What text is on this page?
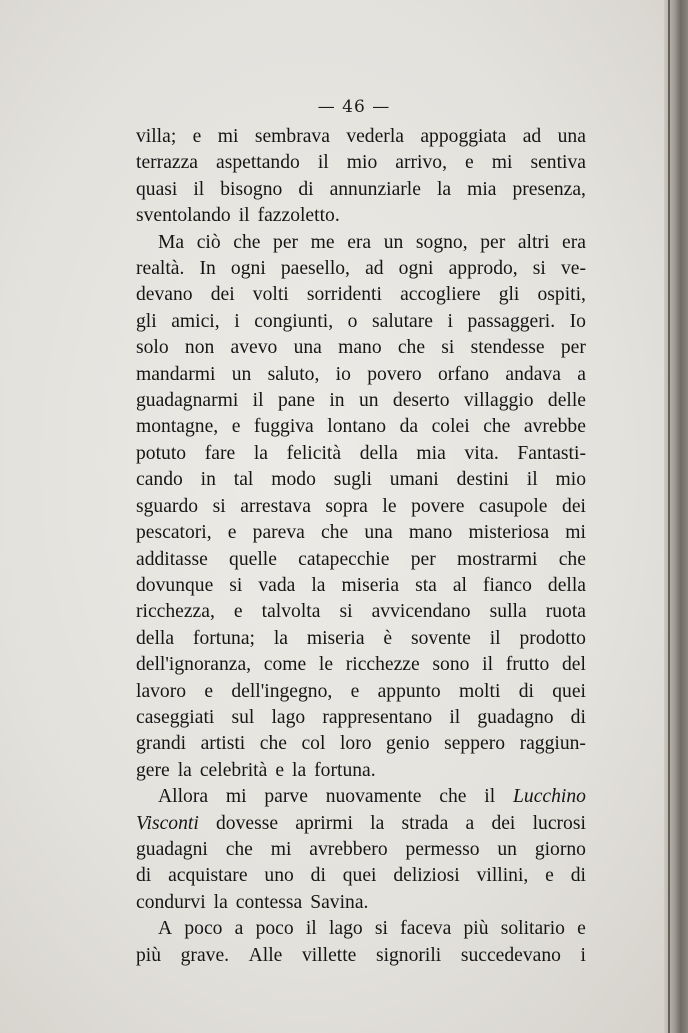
— 46 —
villa; e mi sembrava vederla appoggiata ad una
terrazza aspettando il mio arrivo, e mi sentiva
quasi il bisogno di annunziarle la mia presenza,
sventolando il fazzoletto.
Ma ciò che per me era un sogno, per altri era
realtà. In ogni paesello, ad ogni approdo, si ve-
devano dei volti sorridenti accogliere gli ospiti,
gli amici, i congiunti, o salutare i passaggeri. Io
solo non avevo una mano che si stendesse per
mandarmi un saluto, io povero orfano andava a
guadagnarmi il pane in un deserto villaggio delle
montagne, e fuggiva lontano da colei che avrebbe
potuto fare la felicità della mia vita. Fantasti-
cando in tal modo sugli umani destini il mio
sguardo si arrestava sopra le povere casupole dei
pescatori, e pareva che una mano misteriosa mi
additasse quelle catapecchie per mostrarmi che
dovunque si vada la miseria sta al fianco della
ricchezza, e talvolta si avvicendano sulla ruota
della fortuna; la miseria è sovente il prodotto
dell'ignoranza, come le ricchezze sono il frutto del
lavoro e dell'ingegno, e appunto molti di quei
caseggiati sul lago rappresentano il guadagno di
grandi artisti che col loro genio seppero raggiun-
gere la celebrità e la fortuna.
Allora mi parve nuovamente che il Lucchino
Visconti dovesse aprirmi la strada a dei lucrosi
guadagni che mi avrebbero permesso un giorno
di acquistare uno di quei deliziosi villini, e di
condurvi la contessa Savina.
A poco a poco il lago si faceva più solitario e
più grave. Alle villette signorili succedevano i
